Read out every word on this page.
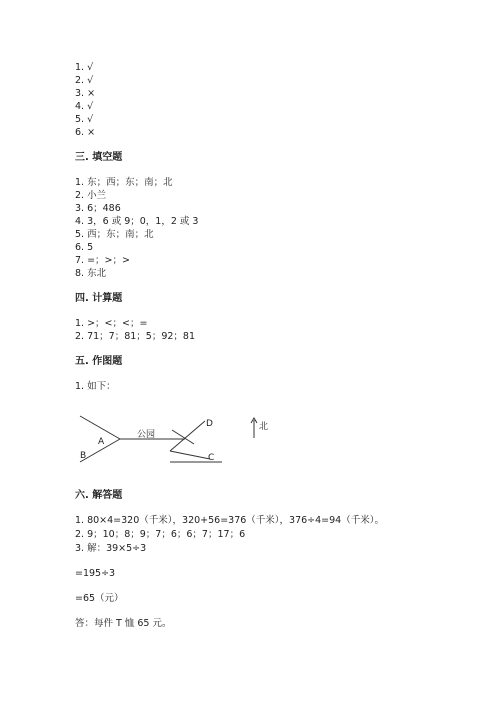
1. √
2. √
3. ×
4. √
5. √
6. ×
三. 填空题
1. 东；西；东；南；北
2. 小兰
3. 6；486
4. 3，6 或 9；0，1，2 或 3
5. 西；东；南；北
6. 5
7. =；>；>
8. 东北
四. 计算题
1. >；<；<；=
2. 71；7；81；5；92；81
五. 作图题
1. 如下：
A
B
公园
D
C
北
六. 解答题
1. 80×4=320（千米），320+56=376（千米），376÷4=94（千米）。
2. 9；10；8；9；7；6；6；7；17；6
3. 解：39×5÷3
=195÷3
=65（元）
答：每件 T 恤 65 元。
